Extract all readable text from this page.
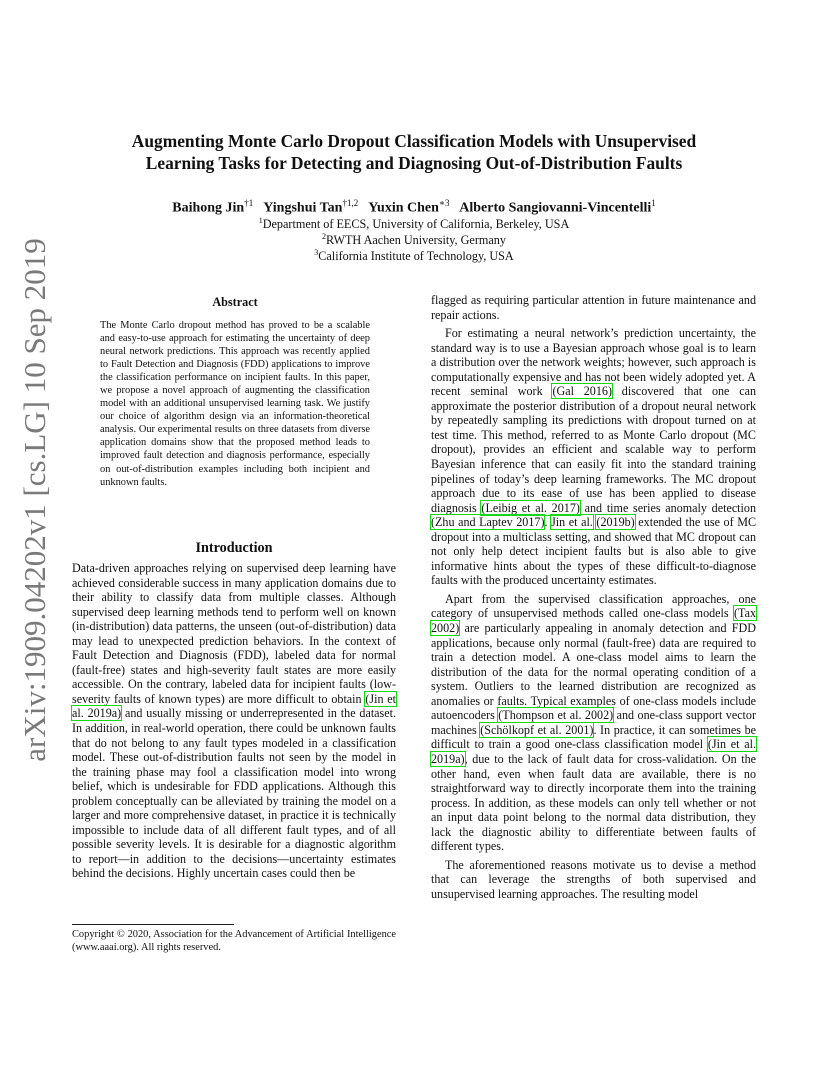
arXiv:1909.04202v1 [cs.LG] 10 Sep 2019
Augmenting Monte Carlo Dropout Classification Models with Unsupervised
Learning Tasks for Detecting and Diagnosing Out-of-Distribution Faults
Baihong Jin$^{\dagger 1}$ Yingshui Tan$^{\dagger 1,2}$ Yuxin Chen$^{∗3}$ Alberto Sangiovanni-Vincentelli$^1$
$^1$Department of EECS, University of California, Berkeley, USA
$^2$RWTH Aachen University, Germany
$^3$California Institute of Technology, USA
Abstract
The Monte Carlo dropout method has proved to be a scalable and easy-to-use approach for estimating the uncertainty of deep neural network predictions. This approach was recently applied to Fault Detection and Diagnosis (FDD) applications to improve the classification performance on incipient faults. In this paper, we propose a novel approach of augmenting the classification model with an additional unsupervised learning task. We justify our choice of algorithm design via an information-theoretical analysis. Our experimental results on three datasets from diverse application domains show that the proposed method leads to improved fault detection and diagnosis performance, especially on out-of-distribution examples including both incipient and unknown faults.
Introduction

Data-driven approaches relying on supervised deep learning have achieved considerable success in many application domains due to their ability to classify data from multiple classes. Although supervised deep learning methods tend to perform well on known (in-distribution) data patterns, the unseen (out-of-distribution) data may lead to unexpected prediction behaviors. In the context of Fault Detection and Diagnosis (FDD), labeled data for normal (fault-free) states and high-severity fault states are more easily accessible. On the contrary, labeled data for incipient faults (low-severity faults of known types) are more difficult to obtain (Jin et al. 2019a) and usually missing or underrepresented in the dataset. In addition, in real-world operation, there could be unknown faults that do not belong to any fault types modeled in a classification model. These out-of-distribution faults not seen by the model in the training phase may fool a classification model into wrong belief, which is undesirable for FDD applications. Although this problem conceptually can be alleviated by training the model on a larger and more comprehensive dataset, in practice it is technically impossible to include data of all different fault types, and of all possible severity levels. It is desirable for a diagnostic algorithm to report—in addition to the decisions—uncertainty estimates behind the decisions. Highly uncertain cases could then be

flagged as requiring particular attention in future maintenance and repair actions.

For estimating a neural network’s prediction uncertainty, the standard way is to use a Bayesian approach whose goal is to learn a distribution over the network weights; however, such approach is computationally expensive and has not been widely adopted yet. A recent seminal work (Gal 2016) discovered that one can approximate the posterior distribution of a dropout neural network by repeatedly sampling its predictions with dropout turned on at test time. This method, referred to as Monte Carlo dropout (MC dropout), provides an efficient and scalable way to perform Bayesian inference that can easily fit into the standard training pipelines of today’s deep learning frameworks. The MC dropout approach due to its ease of use has been applied to disease diagnosis (Leibig et al. 2017) and time series anomaly detection (Zhu and Laptev 2017). Jin et al. (2019b) extended the use of MC dropout into a multiclass setting, and showed that MC dropout can not only help detect incipient faults but is also able to give informative hints about the types of these difficult-to-diagnose faults with the produced uncertainty estimates.

Apart from the supervised classification approaches, one category of unsupervised methods called one-class models (Tax 2002) are particularly appealing in anomaly detection and FDD applications, because only normal (fault-free) data are required to train a detection model. A one-class model aims to learn the distribution of the data for the normal operating condition of a system. Outliers to the learned distribution are recognized as anomalies or faults. Typical examples of one-class models include autoencoders (Thompson et al. 2002) and one-class support vector machines (Schölkopf et al. 2001). In practice, it can sometimes be difficult to train a good one-class classification model (Jin et al. 2019a), due to the lack of fault data for cross-validation. On the other hand, even when fault data are available, there is no straightforward way to directly incorporate them into the training process. In addition, as these models can only tell whether or not an input data point belong to the normal data distribution, they lack the diagnostic ability to differentiate between faults of different types.

The aforementioned reasons motivate us to devise a method that can leverage the strengths of both supervised and unsupervised learning approaches. The resulting model

Copyright © 2020, Association for the Advancement of Artificial Intelligence (www.aaai.org). All rights reserved.
